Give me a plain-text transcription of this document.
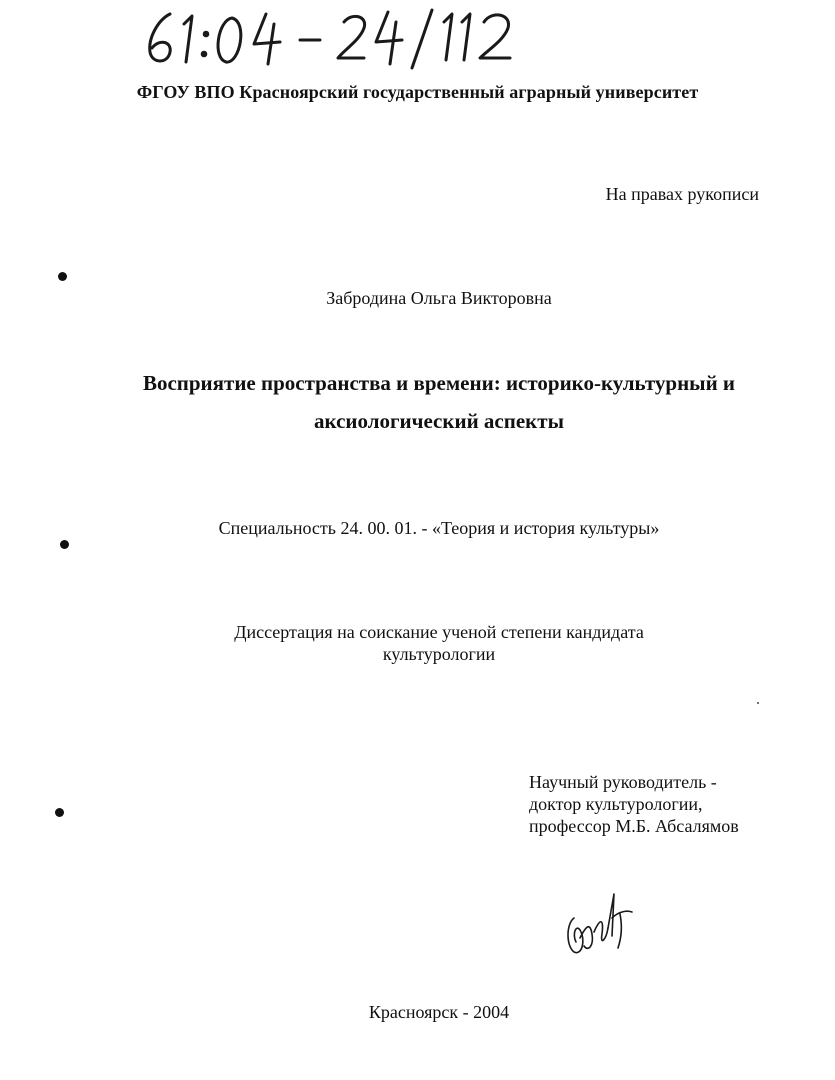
ФГОУ ВПО Красноярский государственный аграрный университет
На правах рукописи
Забродина Ольга Викторовна
Восприятие пространства и времени: историко-культурный и
аксиологический аспекты
Специальность 24. 00. 01. - «Теория и история культуры»
Диссертация на соискание ученой степени кандидата
культурологии
Научный руководитель -
доктор культурологии,
профессор М.Б. Абсалямов
Красноярск - 2004
